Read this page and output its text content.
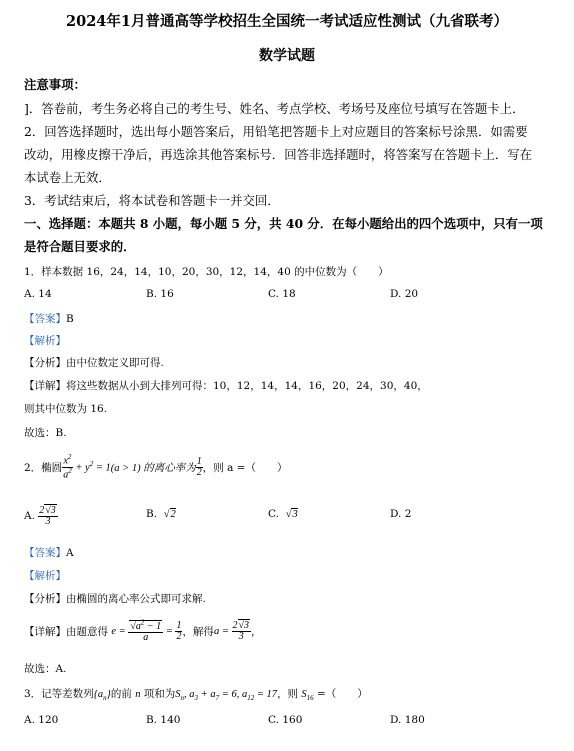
2024年1月普通高等学校招生全国统一考试适应性测试（九省联考）
数学试题
注意事项：
]．答卷前，考生务必将自己的考生号、姓名、考点学校、考场号及座位号填写在答题卡上．
2．回答选择题时，选出每小题答案后，用铅笔把答题卡上对应题目的答案标号涂黑．如需要
改动，用橡皮擦干净后，再选涂其他答案标号．回答非选择题时，将答案写在答题卡上．写在
本试卷上无效．
3．考试结束后，将本试卷和答题卡一并交回．
一、选择题：本题共 8 小题，每小题 5 分，共 40 分．在每小题给出的四个选项中，只有一项
是符合题目要求的．
1．样本数据 16，24，14，10，20，30，12，14，40 的中位数为（　　）
A. 14	B. 16	C. 18	D. 20
【答案】B
【解析】
【分析】由中位数定义即可得.
【详解】将这些数据从小到大排列可得：10，12，14，14，16，20，24，30，40，
则其中位数为 16.
故选：B.
2．椭圆 $\frac{x^2}{a^2} + y^2 = 1$ (a > 1) 的离心率为 $\frac{1}{2}$ ，则 a =（　　）
A.
$\frac{2√3}{3}$	B. √2	C. √3	D. 2
【答案】A
【解析】
【分析】由椭圆的离心率公式即可求解.
【详解】 由题意得
$e = \frac{√a^2 - 1}{a} = \frac{1}{2}$ ，解得 $a = \frac{2√3}{3}$ ，
故选：A.
3．记等差数列$\{a_n\}$的前 n 项和为$S_n$, $a_3 + a_7 = 6$, $a_{12} = 17$，则 $S_{16}$ =（　　）
A. 120	B. 140	C. 160	D. 180
